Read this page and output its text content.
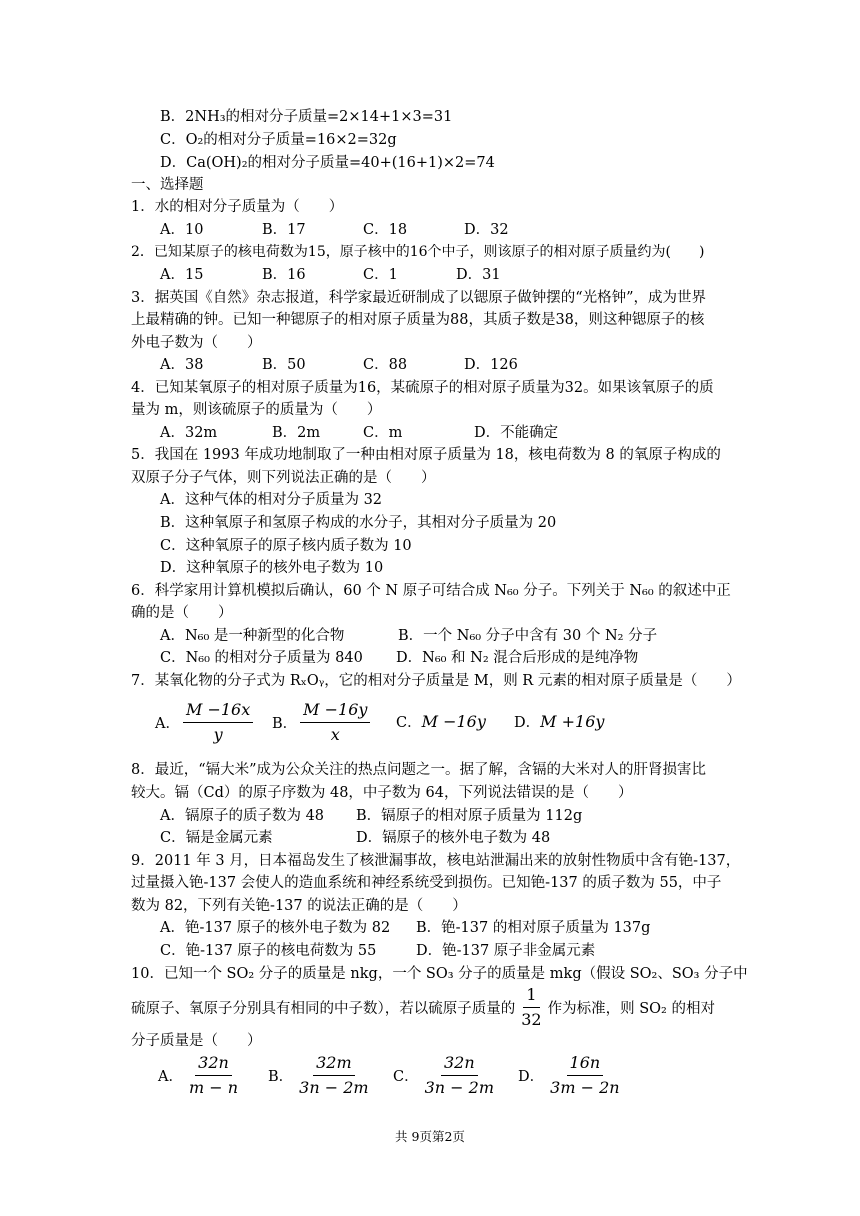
B．2NH₃的相对分子质量=2×14+1×3=31
C．O₂的相对分子质量=16×2=32g
D．Ca(OH)₂的相对分子质量=40+(16+1)×2=74
一、选择题
1．水的相对分子质量为（　　）
A．10	B．17	C．18	D．32
2．已知某原子的核电荷数为15，原子核中的16个中子，则该原子的相对原子质量约为(　　)
A．15	B．16	C．1	D．31
3．据英国《自然》杂志报道，科学家最近研制成了以锶原子做钟摆的“光格钟”，成为世界
上最精确的钟。已知一种锶原子的相对原子质量为88，其质子数是38，则这种锶原子的核
外电子数为（　　）
A．38	B．50	C．88	D．126
4．已知某氧原子的相对原子质量为16，某硫原子的相对原子质量为32。如果该氧原子的质
量为 m，则该硫原子的质量为（　　）
A．32m	B．2m	C．m	D．不能确定
5．我国在 1993 年成功地制取了一种由相对原子质量为 18，核电荷数为 8 的氧原子构成的
双原子分子气体，则下列说法正确的是（　　）
A．这种气体的相对分子质量为 32
B．这种氧原子和氢原子构成的水分子，其相对分子质量为 20
C．这种氧原子的原子核内质子数为 10
D．这种氧原子的核外电子数为 10
6．科学家用计算机模拟后确认，60 个 N 原子可结合成 N₆₀ 分子。下列关于 N₆₀ 的叙述中正
确的是（　　）
A．N₆₀ 是一种新型的化合物	B．一个 N₆₀ 分子中含有 30 个 N₂ 分子
C．N₆₀ 的相对分子质量为 840 D．N₆₀ 和 N₂ 混合后形成的是纯净物
7．某氧化物的分子式为 RₓOᵧ，它的相对分子质量是 M，则 R 元素的相对原子质量是（　　）
A． $\frac{M -16x}{y}$ B． $\frac{M -16y}{x}$ C．M −16y D．M +16y
8．最近，“镉大米”成为公众关注的热点问题之一。据了解，含镉的大米对人的肝肾损害比
较大。镉（Cd）的原子序数为 48，中子数为 64，下列说法错误的是（　　）
A．镉原子的质子数为 48 B．镉原子的相对原子质量为 112g
C．镉是金属元素	D．镉原子的核外电子数为 48
9．2011 年 3 月，日本福岛发生了核泄漏事故，核电站泄漏出来的放射性物质中含有铯-137，
过量摄入铯-137 会使人的造血系统和神经系统受到损伤。已知铯-137 的质子数为 55，中子
数为 82，下列有关铯-137 的说法正确的是（　　）
A．铯-137 原子的核外电子数为 82 B．铯-137 的相对原子质量为 137g
C．铯-137 原子的核电荷数为 55	D．铯-137 原子非金属元素
10．已知一个 SO₂ 分子的质量是 nkg，一个 SO₃ 分子的质量是 mkg（假设 SO₂、SO₃ 分子中
硫原子、氧原子分别具有相同的中子数），若以硫原子质量的 $\frac{1}{32}$ 作为标准，则 SO₂ 的相对
分子质量是（　　）
A． $\frac{32n}{m - n}$ B． $\frac{32m}{3n - 2m}$ C． $\frac{32n}{3n - 2m}$ D． $\frac{16n}{3m - 2n}$
共 9页第2页
